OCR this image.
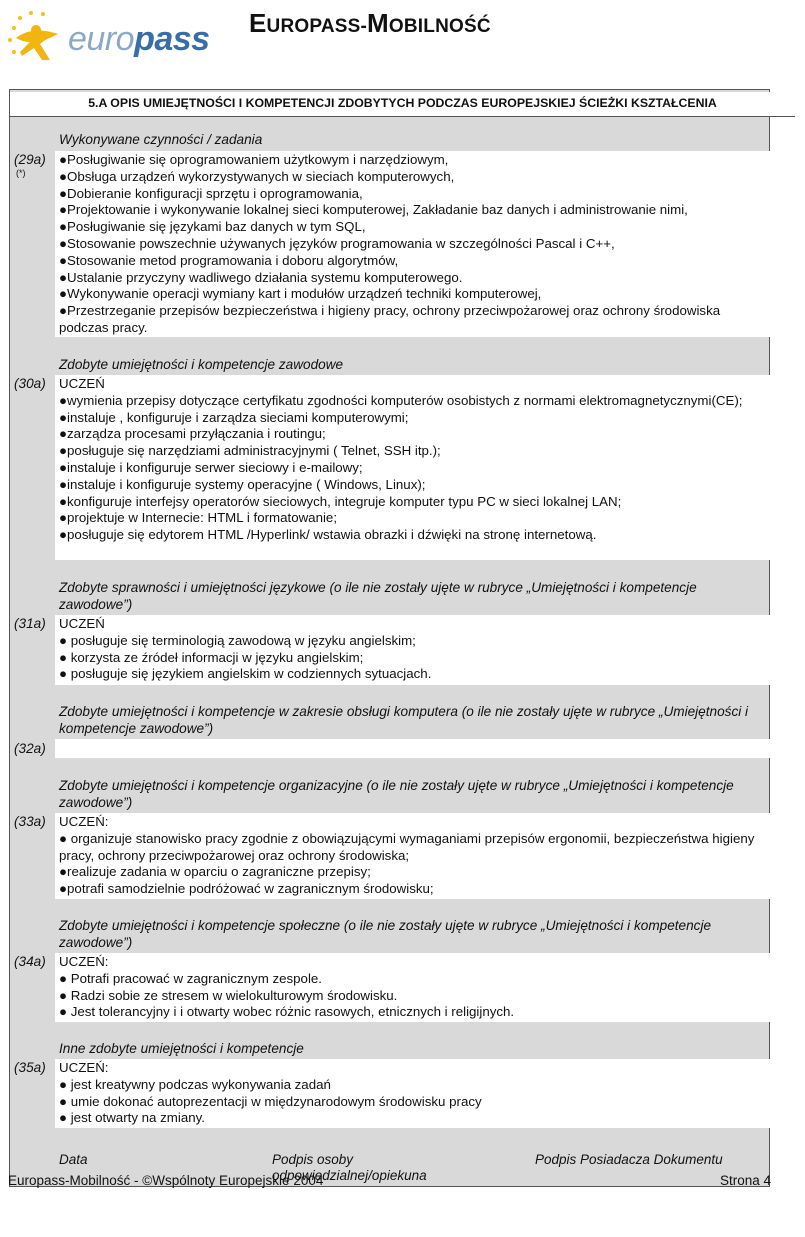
europass EUROPASS-MOBILNOŚĆ
5.A OPIS UMIEJĘTNOŚCI I KOMPETENCJI ZDOBYTYCH PODCZAS EUROPEJSKIEJ ŚCIEŻKI KSZTAŁCENIA
Wykonywane czynności / zadania
(29a)
(*)
●Posługiwanie się oprogramowaniem użytkowym i narzędziowym,
●Obsługa urządzeń wykorzystywanych w sieciach komputerowych,
●Dobieranie konfiguracji sprzętu i oprogramowania,
●Projektowanie i wykonywanie lokalnej sieci komputerowej, Zakładanie baz danych i administrowanie nimi,
●Posługiwanie się językami baz danych w tym SQL,
●Stosowanie powszechnie używanych języków programowania w szczególności Pascal i C++,
●Stosowanie metod programowania i doboru algorytmów,
●Ustalanie przyczyny wadliwego działania systemu komputerowego.
●Wykonywanie operacji wymiany kart i modułów urządzeń techniki komputerowej,
●Przestrzeganie przepisów bezpieczeństwa i higieny pracy, ochrony przeciwpożarowej oraz ochrony środowiska podczas pracy.
Zdobyte umiejętności i kompetencje zawodowe
(30a) UCZEŃ
●wymienia przepisy dotyczące certyfikatu zgodności komputerów osobistych z normami elektromagnetycznymi(CE);
●instaluje , konfiguruje i zarządza sieciami komputerowymi;
●zarządza procesami przyłączania i routingu;
●posługuje się narzędziami administracyjnymi ( Telnet, SSH itp.);
●instaluje i konfiguruje serwer sieciowy i e-mailowy;
●instaluje i konfiguruje systemy operacyjne ( Windows, Linux);
●konfiguruje interfejsy operatorów sieciowych, integruje komputer typu PC w sieci lokalnej LAN;
●projektuje w Internecie: HTML i formatowanie;
●posługuje się edytorem HTML /Hyperlink/ wstawia obrazki i dźwięki na stronę internetową.
Zdobyte sprawności i umiejętności językowe (o ile nie zostały ujęte w rubryce „Umiejętności i kompetencje zawodowe”)
(31a) UCZEŃ
● posługuje się terminologią zawodową w języku angielskim;
● korzysta ze źródeł informacji w języku angielskim;
● posługuje się językiem angielskim w codziennych sytuacjach.
Zdobyte umiejętności i kompetencje w zakresie obsługi komputera (o ile nie zostały ujęte w rubryce „Umiejętności i kompetencje zawodowe”)
(32a)
Zdobyte umiejętności i kompetencje organizacyjne (o ile nie zostały ujęte w rubryce „Umiejętności i kompetencje zawodowe”)
(33a) UCZEŃ:
● organizuje stanowisko pracy zgodnie z obowiązującymi wymaganiami przepisów ergonomii, bezpieczeństwa higieny pracy, ochrony przeciwpożarowej oraz ochrony środowiska;
●realizuje zadania w oparciu o zagraniczne przepisy;
●potrafi samodzielnie podróżować w zagranicznym środowisku;
Zdobyte umiejętności i kompetencje społeczne (o ile nie zostały ujęte w rubryce „Umiejętności i kompetencje zawodowe”)
(34a) UCZEŃ:
● Potrafi pracować w zagranicznym zespole.
● Radzi sobie ze stresem w wielokulturowym środowisku.
● Jest tolerancyjny i i otwarty wobec różnic rasowych, etnicznych i religijnych.
Inne zdobyte umiejętności i kompetencje
(35a) UCZEŃ:
● jest kreatywny podczas wykonywania zadań
● umie dokonać autoprezentacji w międzynarodowym środowisku pracy
● jest otwarty na zmiany.
Data	Podpis osoby odpowiedzialnej/opiekuna
Podpis Posiadacza Dokumentu
Europass-Mobilność - ©Wspólnoty Europejskie 2004	Strona 4
